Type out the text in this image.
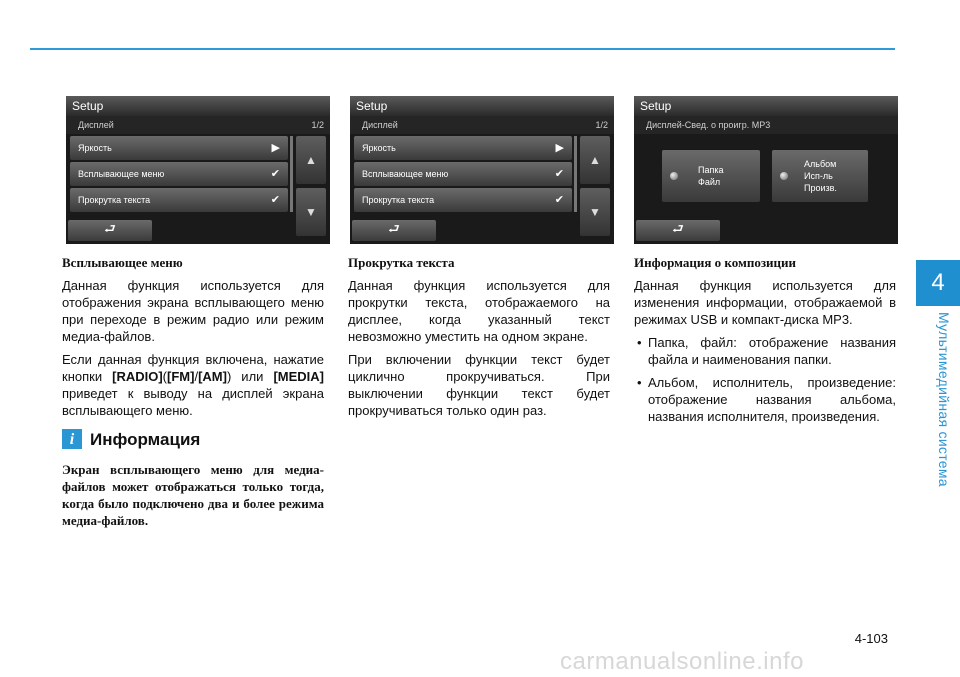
Setup
Дисплей	1/2
Яркость	▶
Всплывающее меню	✔
Прокрутка текста	✔
▲
▼
⮐
Setup
Дисплей	1/2
Яркость	▶
Всплывающее меню	✔
Прокрутка текста	✔
▲
▼
⮐
Setup
Дисплей-Свед. о проигр. MP3
Папка
Файл
Альбом
Исп-ль
Произв.
⮐
Всплывающее меню

Данная функция используется для отображения экрана всплывающего меню при переходе в режим радио или режим медиа-файлов.

Если данная функция включена, нажатие кнопки [RADIO]([FM]/[AM]) или [MEDIA] приведет к выводу на дисплей экрана всплывающего меню.

i Информация

Экран всплывающего меню для медиа-файлов может отображаться только тогда, когда было подключено два и более режима медиа-файлов.

Прокрутка текста

Данная функция используется для прокрутки текста, отображаемого на дисплее, когда указанный текст невозможно уместить на одном экране.

При включении функции текст будет циклично прокручиваться. При выключении функции текст будет прокручиваться только один раз.

Информация о композиции

Данная функция используется для изменения информации, отображаемой в режимах USB и компакт-диска MP3.

• Папка, файл: отображение названия файла и наименования папки.
• Альбом, исполнитель, произведение: отображение названия альбома, названия исполнителя, произведения.
4
Мультимедийная система
4-103
carmanualsonline.info
